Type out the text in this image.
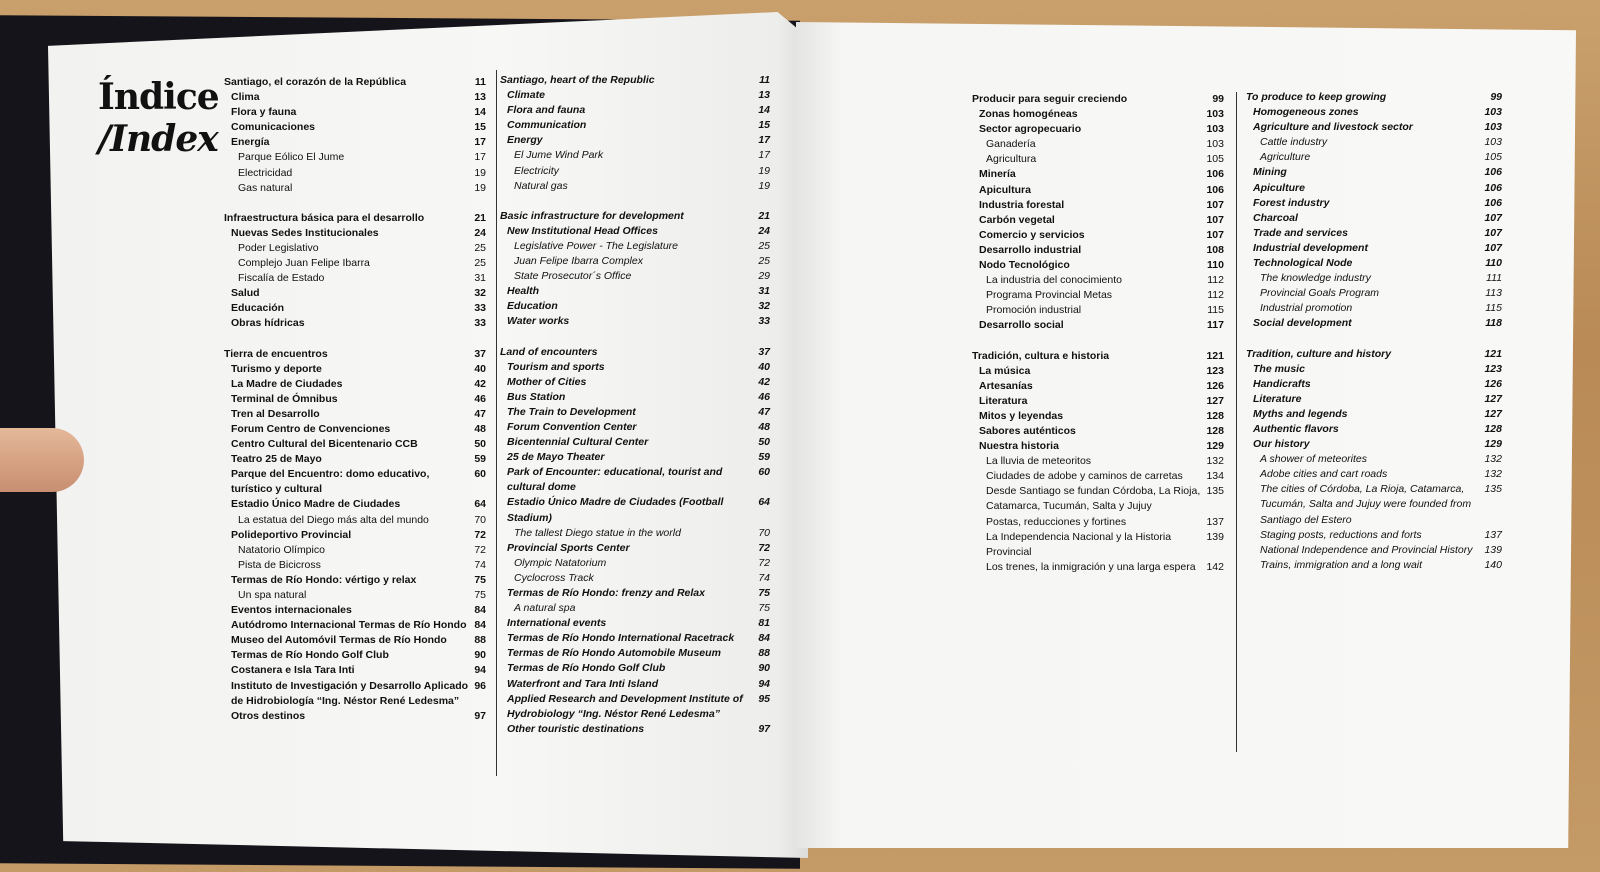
Índice
/Index
Santiago, el corazón de la República	11
Clima	13
Flora y fauna	14
Comunicaciones	15
Energía	17
Parque Eólico El Jume	17
Electricidad	19
Gas natural	19
Infraestructura básica para el desarrollo	21
Nuevas Sedes Institucionales	24
Poder Legislativo	25
Complejo Juan Felipe Ibarra	25
Fiscalía de Estado	31
Salud	32
Educación	33
Obras hídricas	33
Tierra de encuentros	37
Turismo y deporte	40
La Madre de Ciudades	42
Terminal de Ómnibus	46
Tren al Desarrollo	47
Forum Centro de Convenciones	48
Centro Cultural del Bicentenario CCB	50
Teatro 25 de Mayo	59
Parque del Encuentro: domo educativo, turístico y cultural
60
Estadio Único Madre de Ciudades	64
La estatua del Diego más alta del mundo	70
Polideportivo Provincial	72
Natatorio Olímpico	72
Pista de Bicicross	74
Termas de Río Hondo: vértigo y relax	75
Un spa natural	75
Eventos internacionales	84
Autódromo Internacional Termas de Río Hondo 84
Museo del Automóvil Termas de Río Hondo	88
Termas de Río Hondo Golf Club	90
Costanera e Isla Tara Inti	94
Instituto de Investigación y Desarrollo Aplicado de Hidrobiología “Ing. Néstor René Ledesma”
96
Otros destinos	97
Santiago, heart of the Republic	11
Climate	13
Flora and fauna	14
Communication	15
Energy	17
El Jume Wind Park	17
Electricity	19
Natural gas	19
Basic infrastructure for development	21
New Institutional Head Offices	24
Legislative Power - The Legislature	25
Juan Felipe Ibarra Complex	25
State Prosecutor´s Office	29
Health	31
Education	32
Water works	33
Land of encounters	37
Tourism and sports	40
Mother of Cities	42
Bus Station	46
The Train to Development	47
Forum Convention Center	48
Bicentennial Cultural Center	50
25 de Mayo Theater	59
Park of Encounter: educational, tourist and cultural dome
60
Estadio Único Madre de Ciudades (Football Stadium)
64
The tallest Diego statue in the world	70
Provincial Sports Center	72
Olympic Natatorium	72
Cyclocross Track	74
Termas de Río Hondo: frenzy and Relax	75
A natural spa	75
International events	81
Termas de Río Hondo International Racetrack	84
Termas de Río Hondo Automobile Museum	88
Termas de Río Hondo Golf Club	90
Waterfront and Tara Inti Island	94
Applied Research and Development Institute of Hydrobiology “Ing. Néstor René Ledesma”
95
Other touristic destinations	97
Producir para seguir creciendo	99
Zonas homogéneas	103
Sector agropecuario	103
Ganadería	103
Agricultura	105
Minería	106
Apicultura	106
Industria forestal	107
Carbón vegetal	107
Comercio y servicios	107
Desarrollo industrial	108
Nodo Tecnológico	110
La industria del conocimiento	112
Programa Provincial Metas	112
Promoción industrial	115
Desarrollo social	117
Tradición, cultura e historia	121
La música	123
Artesanías	126
Literatura	127
Mitos y leyendas	128
Sabores auténticos	128
Nuestra historia	129
La lluvia de meteoritos	132
Ciudades de adobe y caminos de carretas	134
Desde Santiago se fundan Córdoba, La Rioja, Catamarca, Tucumán, Salta y Jujuy
135
Postas, reducciones y fortines	137
La Independencia Nacional y la Historia Provincial
139
Los trenes, la inmigración y una larga espera	142
To produce to keep growing	99
Homogeneous zones	103
Agriculture and livestock sector	103
Cattle industry	103
Agriculture	105
Mining	106
Apiculture	106
Forest industry	106
Charcoal	107
Trade and services	107
Industrial development	107
Technological Node	110
The knowledge industry	111
Provincial Goals Program	113
Industrial promotion	115
Social development	118
Tradition, culture and history	121
The music	123
Handicrafts	126
Literature	127
Myths and legends	127
Authentic flavors	128
Our history	129
A shower of meteorites	132
Adobe cities and cart roads	132
The cities of Córdoba, La Rioja, Catamarca, Tucumán, Salta and Jujuy were founded from Santiago del Estero
135
Staging posts, reductions and forts	137
National Independence and Provincial History	139
Trains, immigration and a long wait	140
